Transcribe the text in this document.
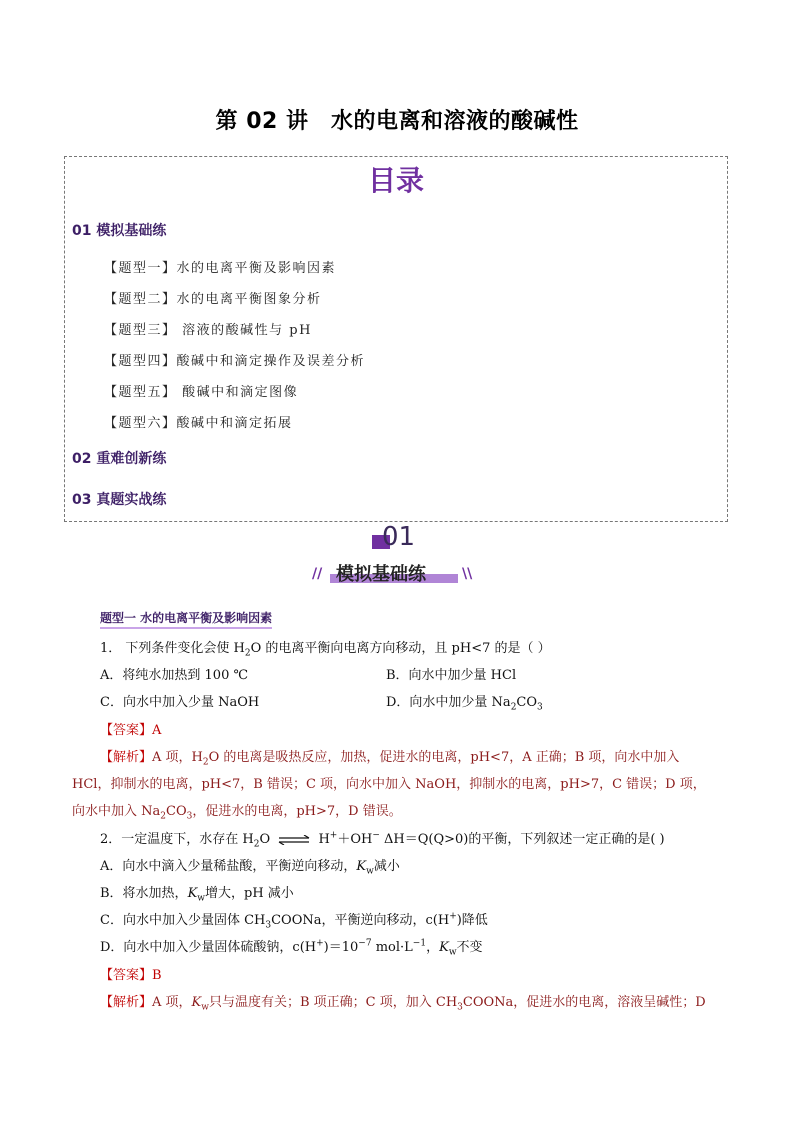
第 02 讲　水的电离和溶液的酸碱性
目录
01 模拟基础练
【题型一】水的电离平衡及影响因素
【题型二】水的电离平衡图象分析
【题型三】 溶液的酸碱性与 pH
【题型四】酸碱中和滴定操作及误差分析
【题型五】 酸碱中和滴定图像
【题型六】酸碱中和滴定拓展
02 重难创新练
03 真题实战练
01
// 模拟基础练	\\
题型一 水的电离平衡及影响因素
1． 下列条件变化会使 $H_2O$ 的电离平衡向电离方向移动，且 pH<7 的是（ ）
A．将纯水加热到 100 ℃	B．向水中加少量 HCl
C．向水中加入少量 NaOH	D．向水中加少量 $Na_2CO_3$
【答案】A
【解析】A 项，$H_2O$ 的电离是吸热反应，加热，促进水的电离，pH<7，A 正确；B 项，向水中加入
HCl，抑制水的电离，pH<7，B 错误；C 项，向水中加入 NaOH，抑制水的电离，pH>7，C 错误；D 项，
向水中加入 $Na_2CO_3$，促进水的电离，pH>7，D 错误。
2．一定温度下，水存在 $H_2O$ ⇌ H+＋OH− ΔH＝Q(Q>0)的平衡，下列叙述一定正确的是( )
A．向水中滴入少量稀盐酸，平衡逆向移动，$K_w$减小
B．将水加热，$K_w$增大，pH 减小
C．向水中加入少量固体 $CH_3COONa$，平衡逆向移动，c(H+)降低
D．向水中加入少量固体硫酸钠，$c(H^+)=10^{-7}$ $mol\cdot L^{-1}$，$K_w$不变
【答案】B
【解析】A 项，$K_w$只与温度有关；B 项正确；C 项，加入 $CH_3COONa$，促进水的电离，溶液呈碱性；D
